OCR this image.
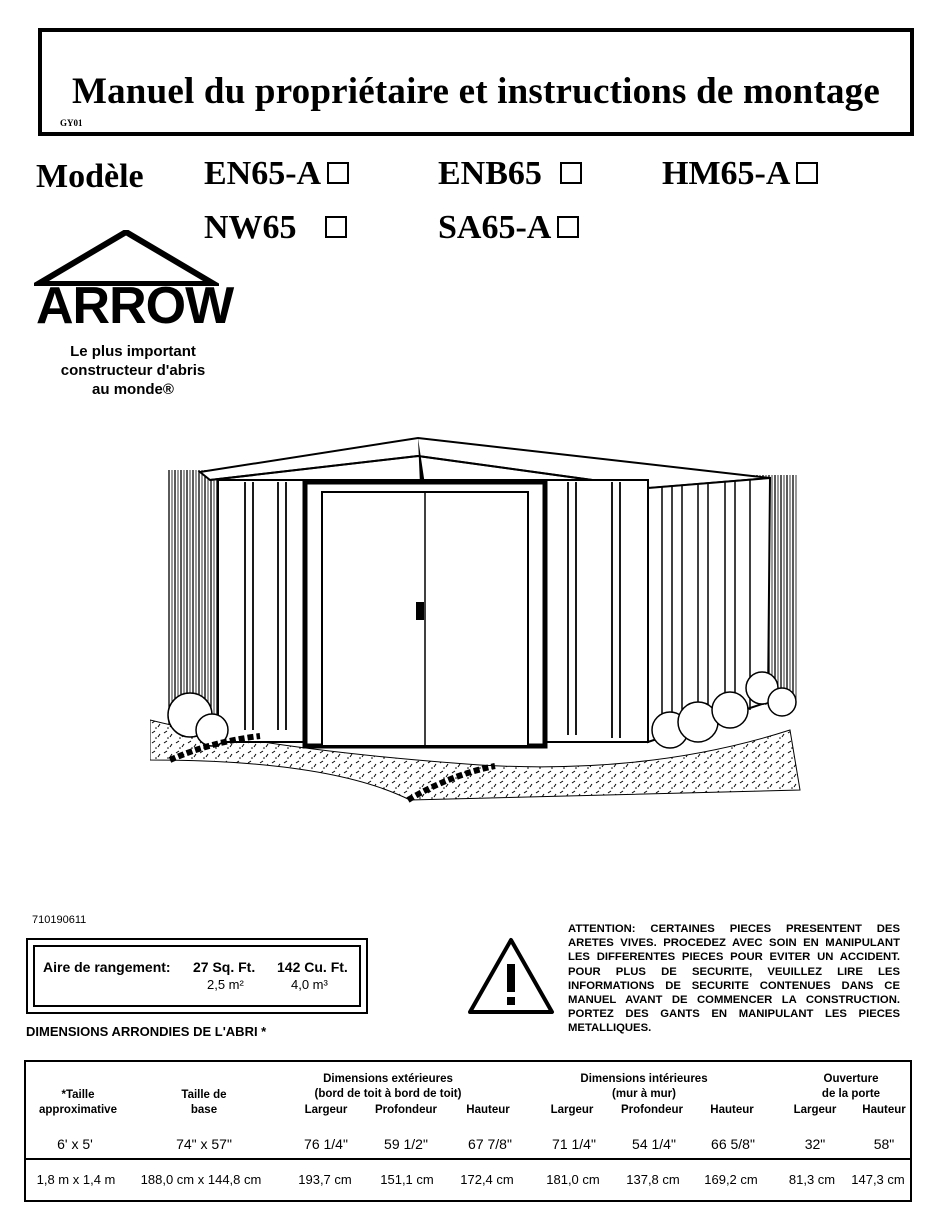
Manuel du propriétaire et instructions de montage
GY01
Modèle EN65-A	ENB65	HM65-A
NW65	SA65-A
ARROW
Le plus important
constructeur d'abris
au monde®
710190611
Aire de rangement: 27 Sq. Ft. 142 Cu. Ft.
2,5 m²	4,0 m³
DIMENSIONS ARRONDIES DE L'ABRI *
ATTENTION: CERTAINES PIECES PRESENTENT DES ARETES VIVES. PROCEDEZ AVEC SOIN EN MANIPULANT LES DIFFERENTES PIECES POUR EVITER UN ACCIDENT. POUR PLUS DE SECURITE, VEUILLEZ LIRE LES INFORMATIONS DE SECURITE CONTENUES DANS CE MANUEL AVANT DE COMMENCER LA CONSTRUCTION. PORTEZ DES GANTS EN MANIPULANT LES PIECES METALLIQUES.
Dimensions extérieures
(bord de toit à bord de toit)
Dimensions intérieures
(mur à mur)
Ouverture
de la porte
*Taille
approximative
Taille de
base	Largeur	Profondeur	Hauteur	Largeur	Profondeur	Hauteur	Largeur	Hauteur
6' x 5'	74" x 57"	76 1/4"	59 1/2"	67 7/8"	71 1/4"	54 1/4"	66 5/8"	32"	58"
1,8 m x 1,4 m	188,0 cm x 144,8 cm	193,7 cm	151,1 cm	172,4 cm	181,0 cm	137,8 cm	169,2 cm	81,3 cm	147,3 cm
